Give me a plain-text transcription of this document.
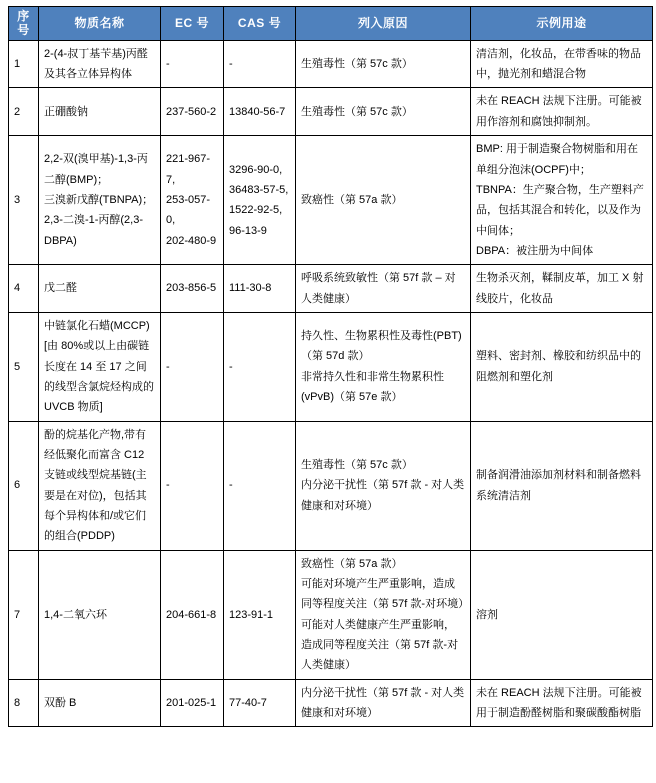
序号	物质名称	EC 号	CAS 号	列入原因	示例用途

1	2-(4-叔丁基苄基)丙醛及其各立体异构体	-	-	生殖毒性（第 57c 款）	清洁剂，化妆品，在带香味的物品中，抛光剂和蜡混合物

2	正硼酸钠	237-560-2	13840-56-7	生殖毒性（第 57c 款）	未在 REACH 法规下注册。可能被用作溶剂和腐蚀抑制剂。

3	2,2-双(溴甲基)-1,3-丙二醇(BMP)；
三溴新戊醇(TBNPA)；
2,3-二溴-1-丙醇(2,3-DBPA)	221-967-7,
253-057-0,
202-480-9	3296-90-0,
36483-57-5,
1522-92-5,
96-13-9	致癌性（第 57a 款）	BMP: 用于制造聚合物树脂和用在单组分泡沫(OCPF)中；
TBNPA：生产聚合物，生产塑料产品，包括其混合和转化，以及作为中间体；
DBPA：被注册为中间体

4	戊二醛	203-856-5	111-30-8	呼吸系统致敏性（第 57f 款 – 对人类健康）	生物杀灭剂，鞣制皮革，加工 X 射线胶片，化妆品

5	中链氯化石蜡(MCCP) [由 80%或以上由碳链长度在 14 至 17 之间的线型含氯烷烃构成的 UVCB 物质]	-	-	持久性、生物累积性及毒性(PBT)（第 57d 款）
非常持久性和非常生物累积性(vPvB)（第 57e 款）	塑料、密封剂、橡胶和纺织品中的阻燃剂和塑化剂

6	酚的烷基化产物,带有经低聚化而富含 C12 支链或线型烷基链(主要是在对位)，包括其每个异构体和/或它们的组合(PDDP)	-	-	生殖毒性（第 57c 款）
内分泌干扰性（第 57f 款 - 对人类健康和对环境）	制备润滑油添加剂材料和制备燃料系统清洁剂

7	1,4-二氧六环	204-661-8	123-91-1	致癌性（第 57a 款）
可能对环境产生严重影响，造成同等程度关注（第 57f 款-对环境）
可能对人类健康产生严重影响，造成同等程度关注（第 57f 款-对人类健康）	溶剂

8	双酚 B	201-025-1	77-40-7	内分泌干扰性（第 57f 款 - 对人类健康和对环境）	未在 REACH 法规下注册。可能被用于制造酚醛树脂和聚碳酸酯树脂
